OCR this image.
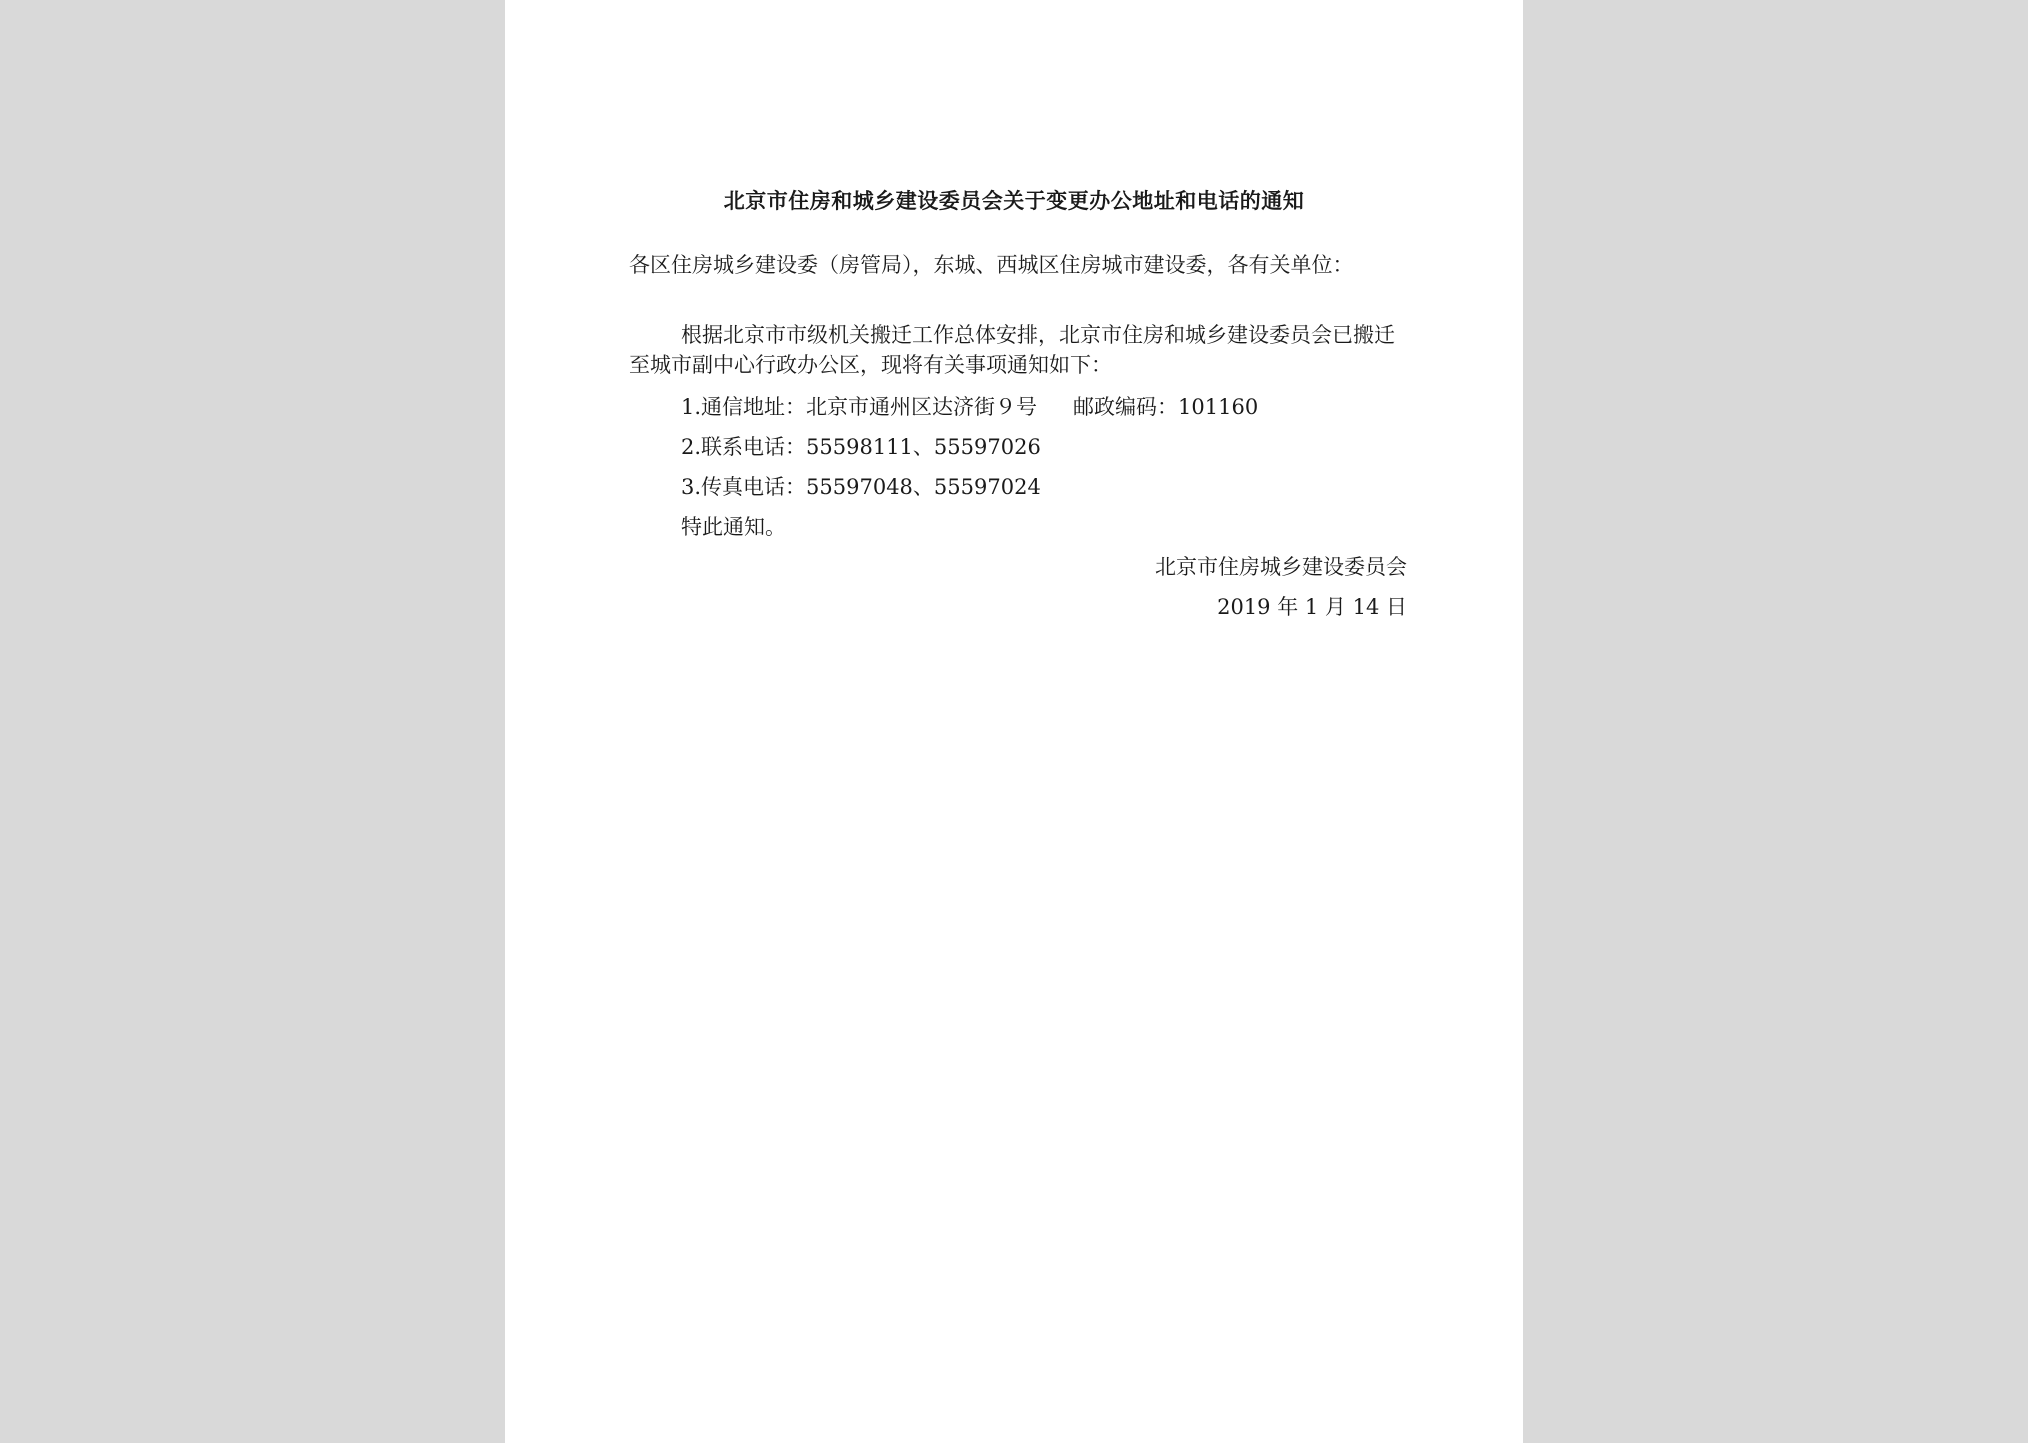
北京市住房和城乡建设委员会关于变更办公地址和电话的通知
各区住房城乡建设委（房管局），东城、西城区住房城市建设委，各有关单位：
根据北京市市级机关搬迁工作总体安排，北京市住房和城乡建设委员会已搬迁至城市副中心行政办公区，现将有关事项通知如下：
1.通信地址：北京市通州区达济街９号 邮政编码：101160
2.联系电话：55598111、55597026
3.传真电话：55597048、55597024
特此通知。
北京市住房城乡建设委员会
2019 年 1 月 14 日
